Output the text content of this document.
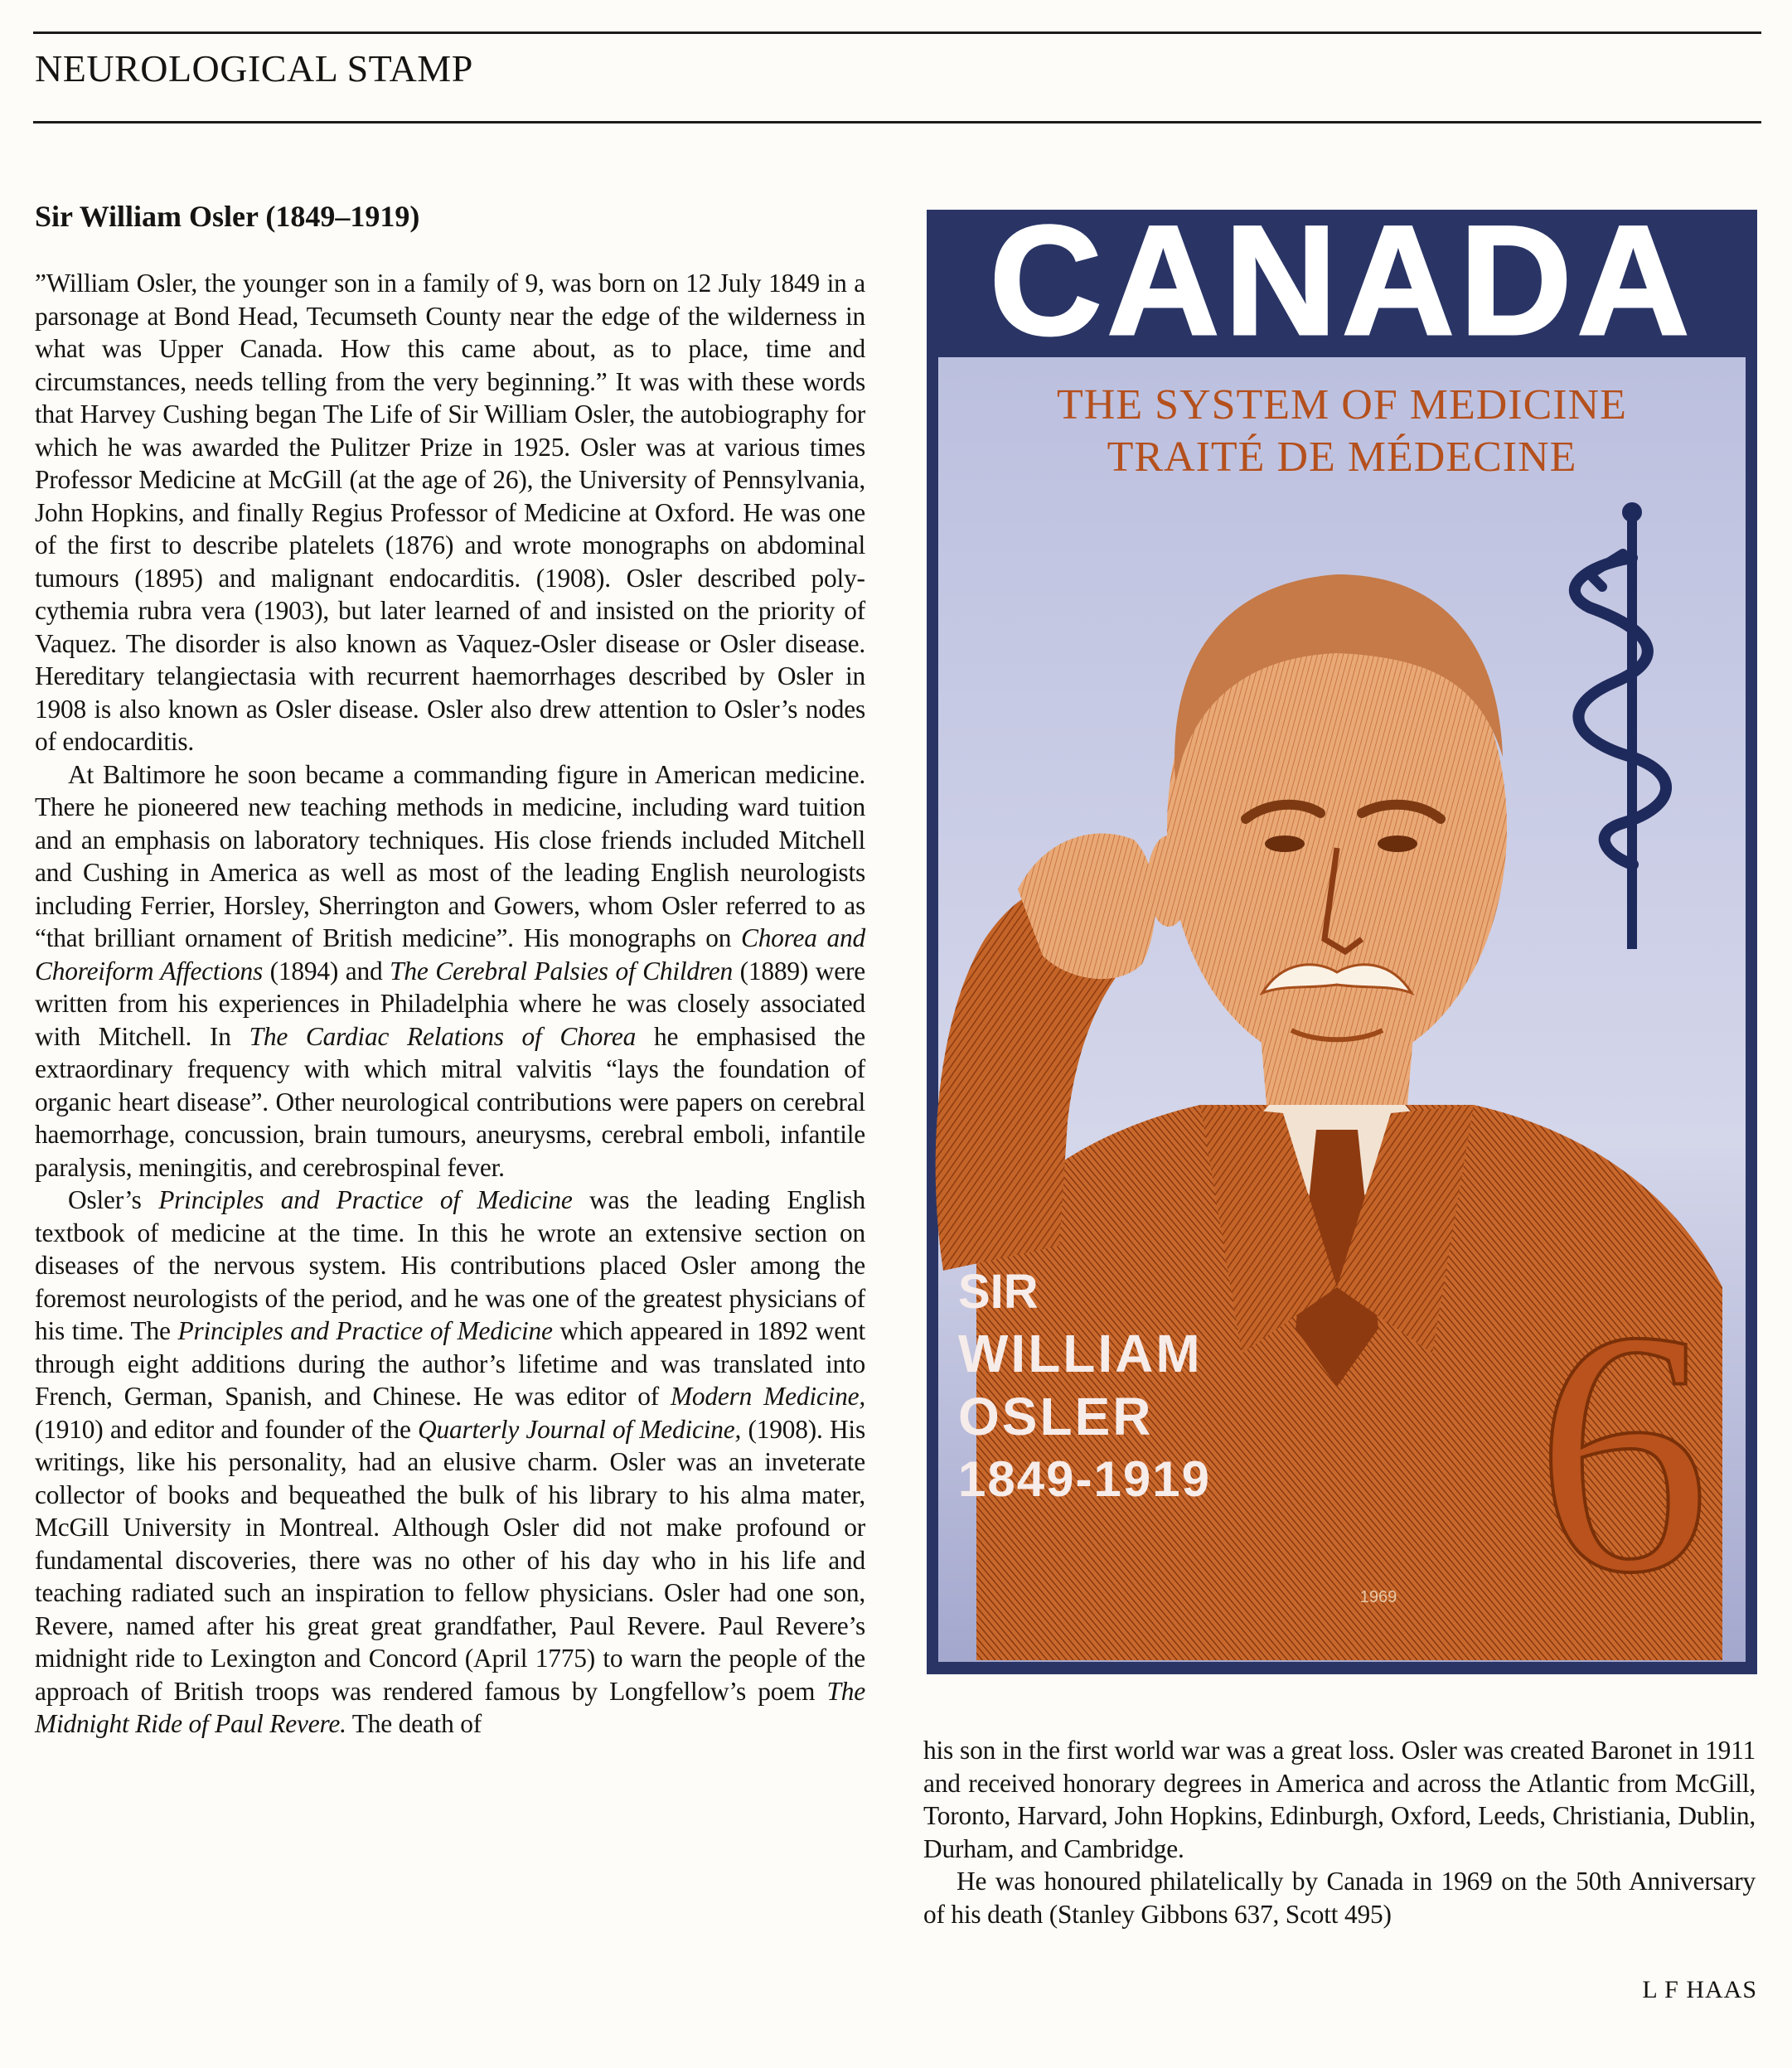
NEUROLOGICAL STAMP
Sir William Osler (1849–1919)

”William Osler, the younger son in a family of 9, was born on 12 July 1849 in a parsonage at Bond Head, Tecumseth County near the edge of the wilderness in what was Upper Canada. How this came about, as to place, time and circumstances, needs telling from the very beginning.” It was with these words that Harvey Cushing began The Life of Sir William Osler, the autobiography for which he was awarded the Pulitzer Prize in 1925. Osler was at various times Professor Medicine at McGill (at the age of 26), the University of Pennsylvania, John Hopkins, and finally Regius Professor of Medicine at Oxford. He was one of the first to describe platelets (1876) and wrote monographs on abdominal tumours (1895) and malignant endocarditis. (1908). Osler described polycythemia rubra vera (1903), but later learned of and insisted on the priority of Vaquez. The disorder is also known as Vaquez-Osler disease or Osler disease. Hereditary telangiectasia with recurrent haemorrhages described by Osler in 1908 is also known as Osler disease. Osler also drew attention to Osler’s nodes of endocarditis.

At Baltimore he soon became a commanding figure in American medicine. There he pioneered new teaching methods in medicine, including ward tuition and an emphasis on laboratory techniques. His close friends included Mitchell and Cushing in America as well as most of the leading English neurologists including Ferrier, Horsley, Sherrington and Gowers, whom Osler referred to as “that brilliant ornament of British medicine”. His monographs on Chorea and Choreiform Affections (1894) and The Cerebral Palsies of Children (1889) were written from his experiences in Philadelphia where he was closely associated with Mitchell. In The Cardiac Relations of Chorea he emphasised the extraordinary frequency with which mitral valvitis “lays the foundation of organic heart disease”. Other neurological contributions were papers on cerebral haemorrhage, concussion, brain tumours, aneurysms, cerebral emboli, infantile paralysis, meningitis, and cerebrospinal fever.

Osler’s Principles and Practice of Medicine was the leading English textbook of medicine at the time. In this he wrote an extensive section on diseases of the nervous system. His contributions placed Osler among the foremost neurologists of the period, and he was one of the greatest physicians of his time. The Principles and Practice of Medicine which appeared in 1892 went through eight additions during the author’s lifetime and was translated into French, German, Spanish, and Chinese. He was editor of Modern Medicine, (1910) and editor and founder of the Quarterly Journal of Medicine, (1908). His writings, like his personality, had an elusive charm. Osler was an inveterate collector of books and bequeathed the bulk of his library to his alma mater, McGill University in Montreal. Although Osler did not make profound or fundamental discoveries, there was no other of his day who in his life and teaching radiated such an inspiration to fellow physicians. Osler had one son, Revere, named after his great great grandfather, Paul Revere. Paul Revere’s midnight ride to Lexington and Concord (April 1775) to warn the people of the approach of British troops was rendered famous by Longfellow’s poem The Midnight Ride of Paul Revere. The death of

CANADA
THE SYSTEM OF MEDICINE
TRAITÉ DE MÉDECINE
SIR
WILLIAM
OSLER
1849-1919 6
1969

his son in the first world war was a great loss. Osler was created Baronet in 1911 and received honorary degrees in America and across the Atlantic from McGill, Toronto, Harvard, John Hopkins, Edinburgh, Oxford, Leeds, Christiania, Dublin, Durham, and Cambridge.

He was honoured philatelically by Canada in 1969 on the 50th Anniversary of his death (Stanley Gibbons 637, Scott 495)

L F HAAS
